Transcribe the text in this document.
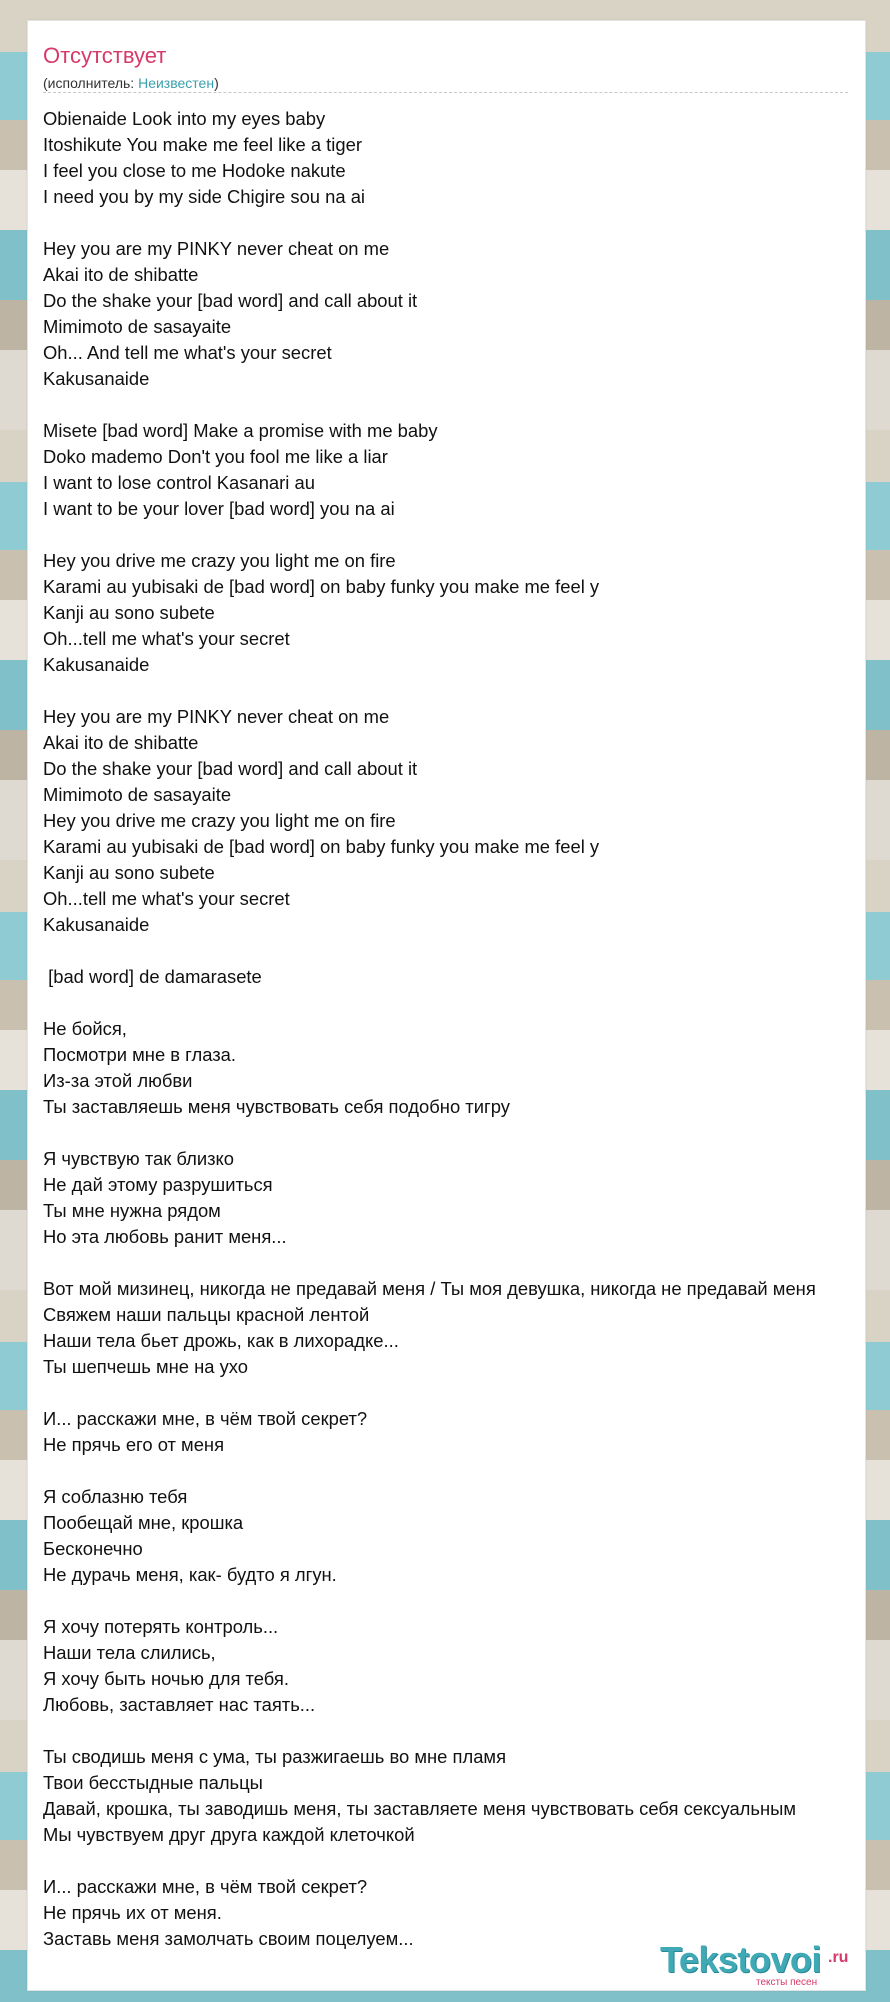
Отсутствует
(исполнитель: Неизвестен)
Obienaide Look into my eyes baby
Itoshikute You make me feel like a tiger
I feel you close to me Hodoke nakute
I need you by my side Chigire sou na ai
Hey you are my PINKY never cheat on me
Akai ito de shibatte
Do the shake your [bad word] and call about it
Mimimoto de sasayaite
Oh... And tell me what's your secret
Kakusanaide
Misete [bad word] Make a promise with me baby
Doko mademo Don't you fool me like a liar
I want to lose control Kasanari au
I want to be your lover [bad word] you na ai
Hey you drive me crazy you light me on fire
Karami au yubisaki de [bad word] on baby funky you make me feel y
Kanji au sono subete
Oh...tell me what's your secret
Kakusanaide
Hey you are my PINKY never cheat on me
Akai ito de shibatte
Do the shake your [bad word] and call about it
Mimimoto de sasayaite
Hey you drive me crazy you light me on fire
Karami au yubisaki de [bad word] on baby funky you make me feel y
Kanji au sono subete
Oh...tell me what's your secret
Kakusanaide
[bad word] de damarasete
Не бойся,
Посмотри мне в глаза.
Из-за этой любви
Ты заставляешь меня чувствовать себя подобно тигру
Я чувствую так близко
Не дай этому разрушиться
Ты мне нужна рядом
Но эта любовь ранит меня...
Вот мой мизинец, никогда не предавай меня / Ты моя девушка, никогда не предавай меня
Свяжем наши пальцы красной лентой
Наши тела бьет дрожь, как в лихорадке...
Ты шепчешь мне на ухо
И... расскажи мне, в чём твой секрет?
Не прячь его от меня
Я соблазню тебя
Пообещай мне, крошка
Бесконечно
Не дурачь меня, как- будто я лгун.
Я хочу потерять контроль...
Наши тела слились,
Я хочу быть ночью для тебя.
Любовь, заставляет нас таять...
Ты сводишь меня с ума, ты разжигаешь во мне пламя
Твои бесстыдные пальцы
Давай, крошка, ты заводишь меня, ты заставляете меня чувствовать себя сексуальным
Мы чувствуем друг друга каждой клеточкой
И... расскажи мне, в чём твой секрет?
Не прячь их от меня.
Заставь меня замолчать своим поцелуем...
Tekstovoi .ru
тексты песен
